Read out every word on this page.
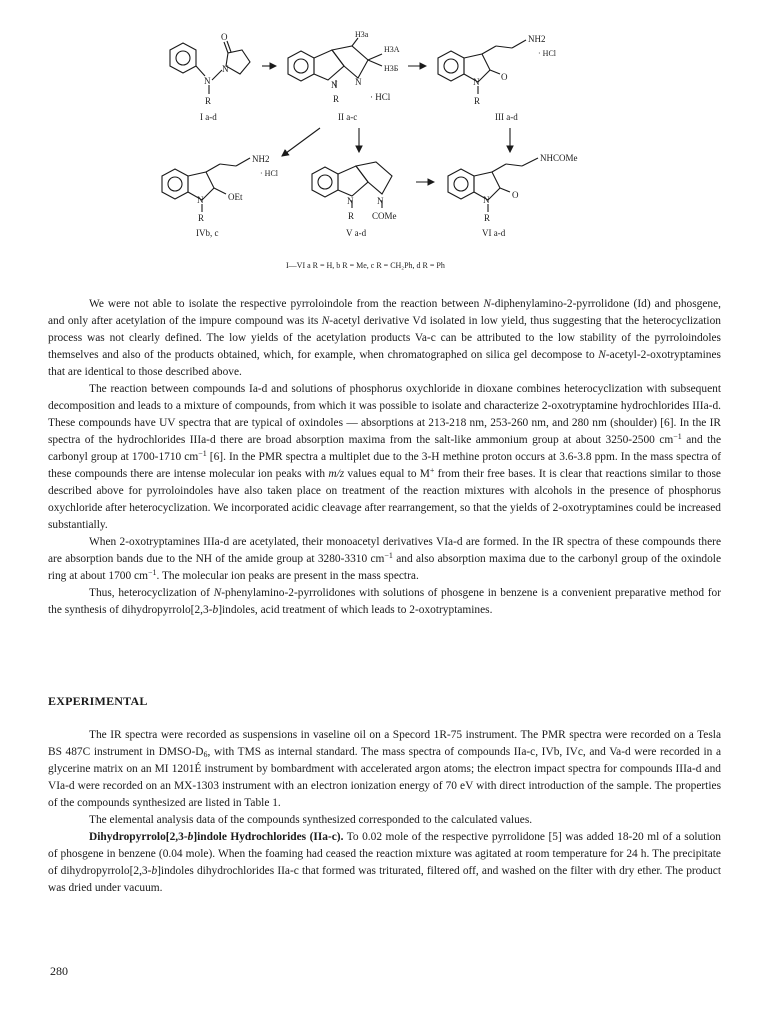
N
N
O
R
I a-d
H3a
H3A
H3Б
N N
R	· HCl
II a-c
NH2
· HCl
N O
R
III a-d
NH2
· HCl
N	OEt
R
IVb, c
N	N
R COMe
V a-d
NHCOMe
N	O
R
VI a-d
I—VI a R = H, b R = Me, c R = CH₂Ph, d R = Ph

We were not able to isolate the respective pyrroloindole from the reaction between N-diphenylamino-2-pyrrolidone (Id) and phosgene, and only after acetylation of the impure compound was its N-acetyl derivative Vd isolated in low yield, thus suggesting that the heterocyclization process was not clearly defined. The low yields of the acetylation products Va-c can be attributed to the low stability of the pyrroloindoles themselves and also of the products obtained, which, for example, when chromatographed on silica gel decompose to N-acetyl-2-oxotryptamines that are identical to those described above.

The reaction between compounds Ia-d and solutions of phosphorus oxychloride in dioxane combines heterocyclization with subsequent decomposition and leads to a mixture of compounds, from which it was possible to isolate and characterize 2-oxotryptamine hydrochlorides IIIa-d. These compounds have UV spectra that are typical of oxindoles — absorptions at 213-218 nm, 253-260 nm, and 280 nm (shoulder) [6]. In the IR spectra of the hydrochlorides IIIa-d there are broad absorption maxima from the salt-like ammonium group at about 3250-2500 $cm^{-1}$ and the carbonyl group at 1700-1710 $cm^{-1}$ [6]. In the PMR spectra a multiplet due to the 3-H methine proton occurs at 3.6-3.8 ppm. In the mass spectra of these compounds there are intense molecular ion peaks with m/z values equal to M+ from their free bases. It is clear that reactions similar to those described above for pyrroloindoles have also taken place on treatment of the reaction mixtures with alcohols in the presence of phosphorus oxychloride after heterocyclization. We incorporated acidic cleavage after rearrangement, so that the yields of 2-oxotryptamines could be increased substantially.

When 2-oxotryptamines IIIa-d are acetylated, their monoacetyl derivatives VIa-d are formed. In the IR spectra of these compounds there are absorption bands due to the NH of the amide group at 3280-3310 $cm^{-1}$ and also absorption maxima due to the carbonyl group of the oxindole ring at about 1700 $cm^{-1}$. The molecular ion peaks are present in the mass spectra.

Thus, heterocyclization of N-phenylamino-2-pyrrolidones with solutions of phosgene in benzene is a convenient preparative method for the synthesis of dihydropyrrolo[2,3-b]indoles, acid treatment of which leads to 2-oxotryptamines.

EXPERIMENTAL

The IR spectra were recorded as suspensions in vaseline oil on a Specord 1R-75 instrument. The PMR spectra were recorded on a Tesla BS 487C instrument in DMSO-$D_6$, with TMS as internal standard. The mass spectra of compounds IIa-c, IVb, IVc, and Va-d were recorded in a glycerine matrix on an MI 1201É instrument by bombardment with accelerated argon atoms; the electron impact spectra for compounds IIIa-d and VIa-d were recorded on an MX-1303 instrument with an electron ionization energy of 70 eV with direct introduction of the sample. The properties of the compounds synthesized are listed in Table 1.

The elemental analysis data of the compounds synthesized corresponded to the calculated values.

Dihydropyrrolo[2,3-b]indole Hydrochlorides (IIa-c). To 0.02 mole of the respective pyrrolidone [5] was added 18-20 ml of a solution of phosgene in benzene (0.04 mole). When the foaming had ceased the reaction mixture was agitated at room temperature for 24 h. The precipitate of dihydropyrrolo[2,3-b]indoles dihydrochlorides IIa-c that formed was triturated, filtered off, and washed on the filter with dry ether. The product was dried under vacuum.

280
